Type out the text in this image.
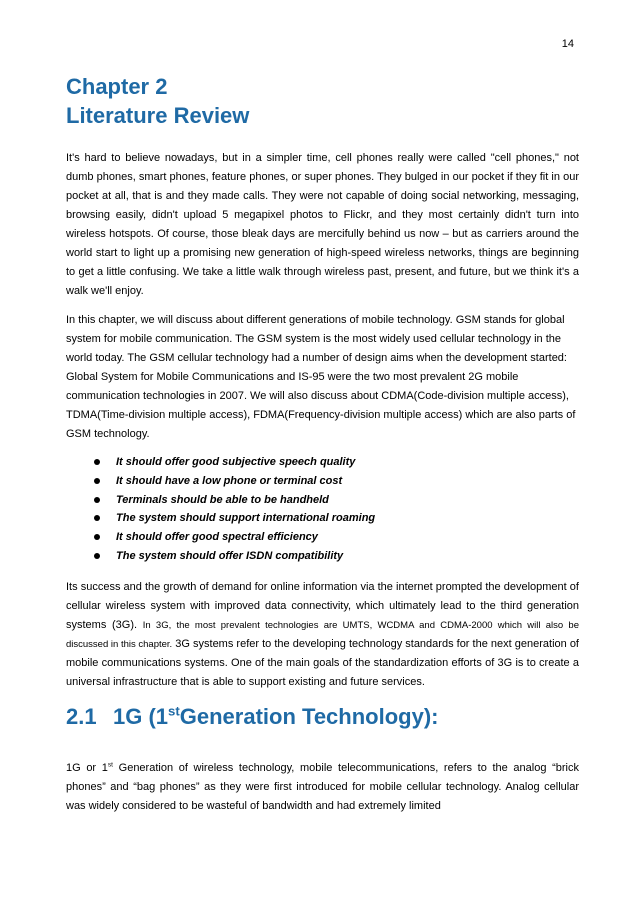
14
Chapter 2
Literature Review

It's hard to believe nowadays, but in a simpler time, cell phones really were called "cell phones," not dumb phones, smart phones, feature phones, or super phones. They bulged in our pocket if they fit in our pocket at all, that is and they made calls. They were not capable of doing social networking, messaging, browsing easily, didn't upload 5 megapixel photos to Flickr, and they most certainly didn't turn into wireless hotspots. Of course, those bleak days are mercifully behind us now – but as carriers around the world start to light up a promising new generation of high-speed wireless networks, things are beginning to get a little confusing. We take a little walk through wireless past, present, and future, but we think it's a walk we'll enjoy.

In this chapter, we will discuss about different generations of mobile technology. GSM stands for global system for mobile communication. The GSM system is the most widely used cellular technology in the world today. The GSM cellular technology had a number of design aims when the development started: Global System for Mobile Communications and IS-95 were the two most prevalent 2G mobile communication technologies in 2007. We will also discuss about CDMA(Code-division multiple access), TDMA(Time-division multiple access), FDMA(Frequency-division multiple access) which are also parts of GSM technology.

It should offer good subjective speech quality
It should have a low phone or terminal cost
Terminals should be able to be handheld
The system should support international roaming
It should offer good spectral efficiency
The system should offer ISDN compatibility

Its success and the growth of demand for online information via the internet prompted the development of cellular wireless system with improved data connectivity, which ultimately lead to the third generation systems (3G). In 3G, the most prevalent technologies are UMTS, WCDMA and CDMA-2000 which will also be discussed in this chapter. 3G systems refer to the developing technology standards for the next generation of mobile communications systems. One of the main goals of the standardization efforts of 3G is to create a universal infrastructure that is able to support existing and future services.

2.1 1G (1stGeneration Technology):

1G or 1st Generation of wireless technology, mobile telecommunications, refers to the analog “brick phones” and “bag phones” as they were first introduced for mobile cellular technology. Analog cellular was widely considered to be wasteful of bandwidth and had extremely limited
